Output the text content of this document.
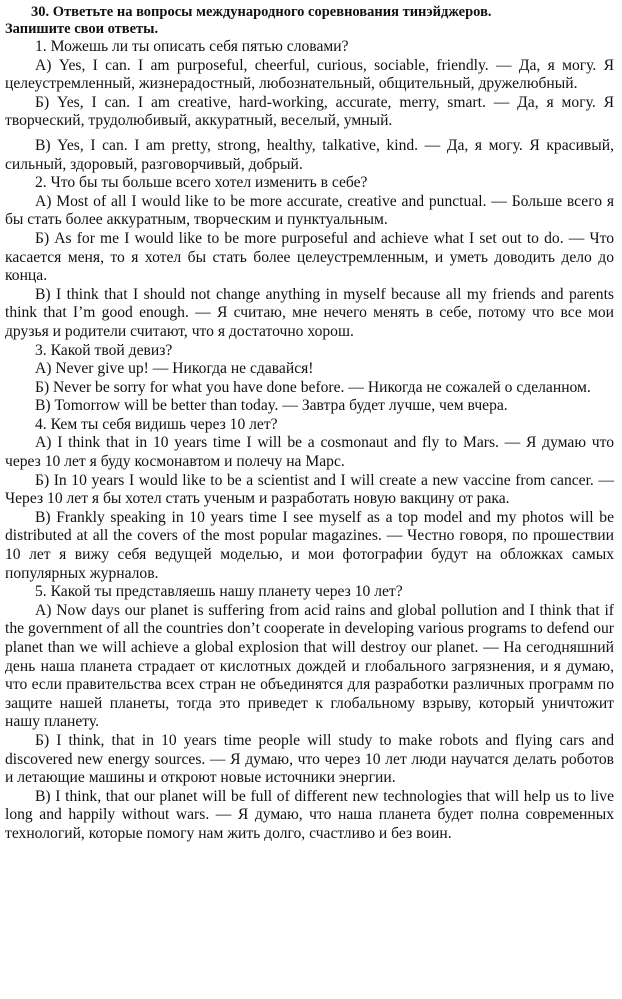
30. Ответьте на вопросы международного соревнования тинэйджеров.
Запишите свои ответы.

1. Можешь ли ты описать себя пятью словами?

А) Yes, I can. I am purposeful, cheerful, curious, sociable, friendly. — Да, я могу. Я целеустремленный, жизнерадостный, любознательный, общительный, дружелюбный.

Б) Yes, I can. I am creative, hard-working, accurate, merry, smart. — Да, я могу. Я творческий, трудолюбивый, аккуратный, веселый, умный.

В) Yes, I can. I am pretty, strong, healthy, talkative, kind. — Да, я могу. Я красивый, сильный, здоровый, разговорчивый, добрый.

2. Что бы ты больше всего хотел изменить в себе?

А) Most of all I would like to be more accurate, creative and punctual. — Больше всего я бы стать более аккуратным, творческим и пунктуальным.

Б) As for me I would like to be more purposeful and achieve what I set out to do. — Что касается меня, то я хотел бы стать более целеустремленным, и уметь доводить дело до конца.

В) I think that I should not change anything in myself because all my friends and parents think that I’m good enough. — Я считаю, мне нечего менять в себе, потому что все мои друзья и родители считают, что я достаточно хорош.

3. Какой твой девиз?

А) Never give up! — Никогда не сдавайся!

Б) Never be sorry for what you have done before. — Никогда не сожалей о сделанном.

В) Tomorrow will be better than today. — Завтра будет лучше, чем вчера.

4. Кем ты себя видишь через 10 лет?

А) I think that in 10 years time I will be a cosmonaut and fly to Mars. — Я думаю что через 10 лет я буду космонавтом и полечу на Марс.

Б) In 10 years I would like to be a scientist and I will create a new vaccine from cancer. — Через 10 лет я бы хотел стать ученым и разработать новую вакцину от рака.

В) Frankly speaking in 10 years time I see myself as a top model and my photos will be distributed at all the covers of the most popular magazines. — Честно говоря, по прошествии 10 лет я вижу себя ведущей моделью, и мои фотографии будут на обложках самых популярных журналов.

5. Какой ты представляешь нашу планету через 10 лет?

А) Now days our planet is suffering from acid rains and global pollution and I think that if the government of all the countries don’t cooperate in developing various programs to defend our planet than we will achieve a global explosion that will destroy our planet. — На сегодняшний день наша планета страдает от кислотных дождей и глобального загрязнения, и я думаю, что если правительства всех стран не объединятся для разработки различных программ по защите нашей планеты, тогда это приведет к глобальному взрыву, который уничтожит нашу планету.

Б) I think, that in 10 years time people will study to make robots and flying cars and discovered new energy sources. — Я думаю, что через 10 лет люди научатся делать роботов и летающие машины и откроют новые источники энергии.

В) I think, that our planet will be full of different new technologies that will help us to live long and happily without wars. — Я думаю, что наша планета будет полна современных технологий, которые помогу нам жить долго, счастливо и без воин.
